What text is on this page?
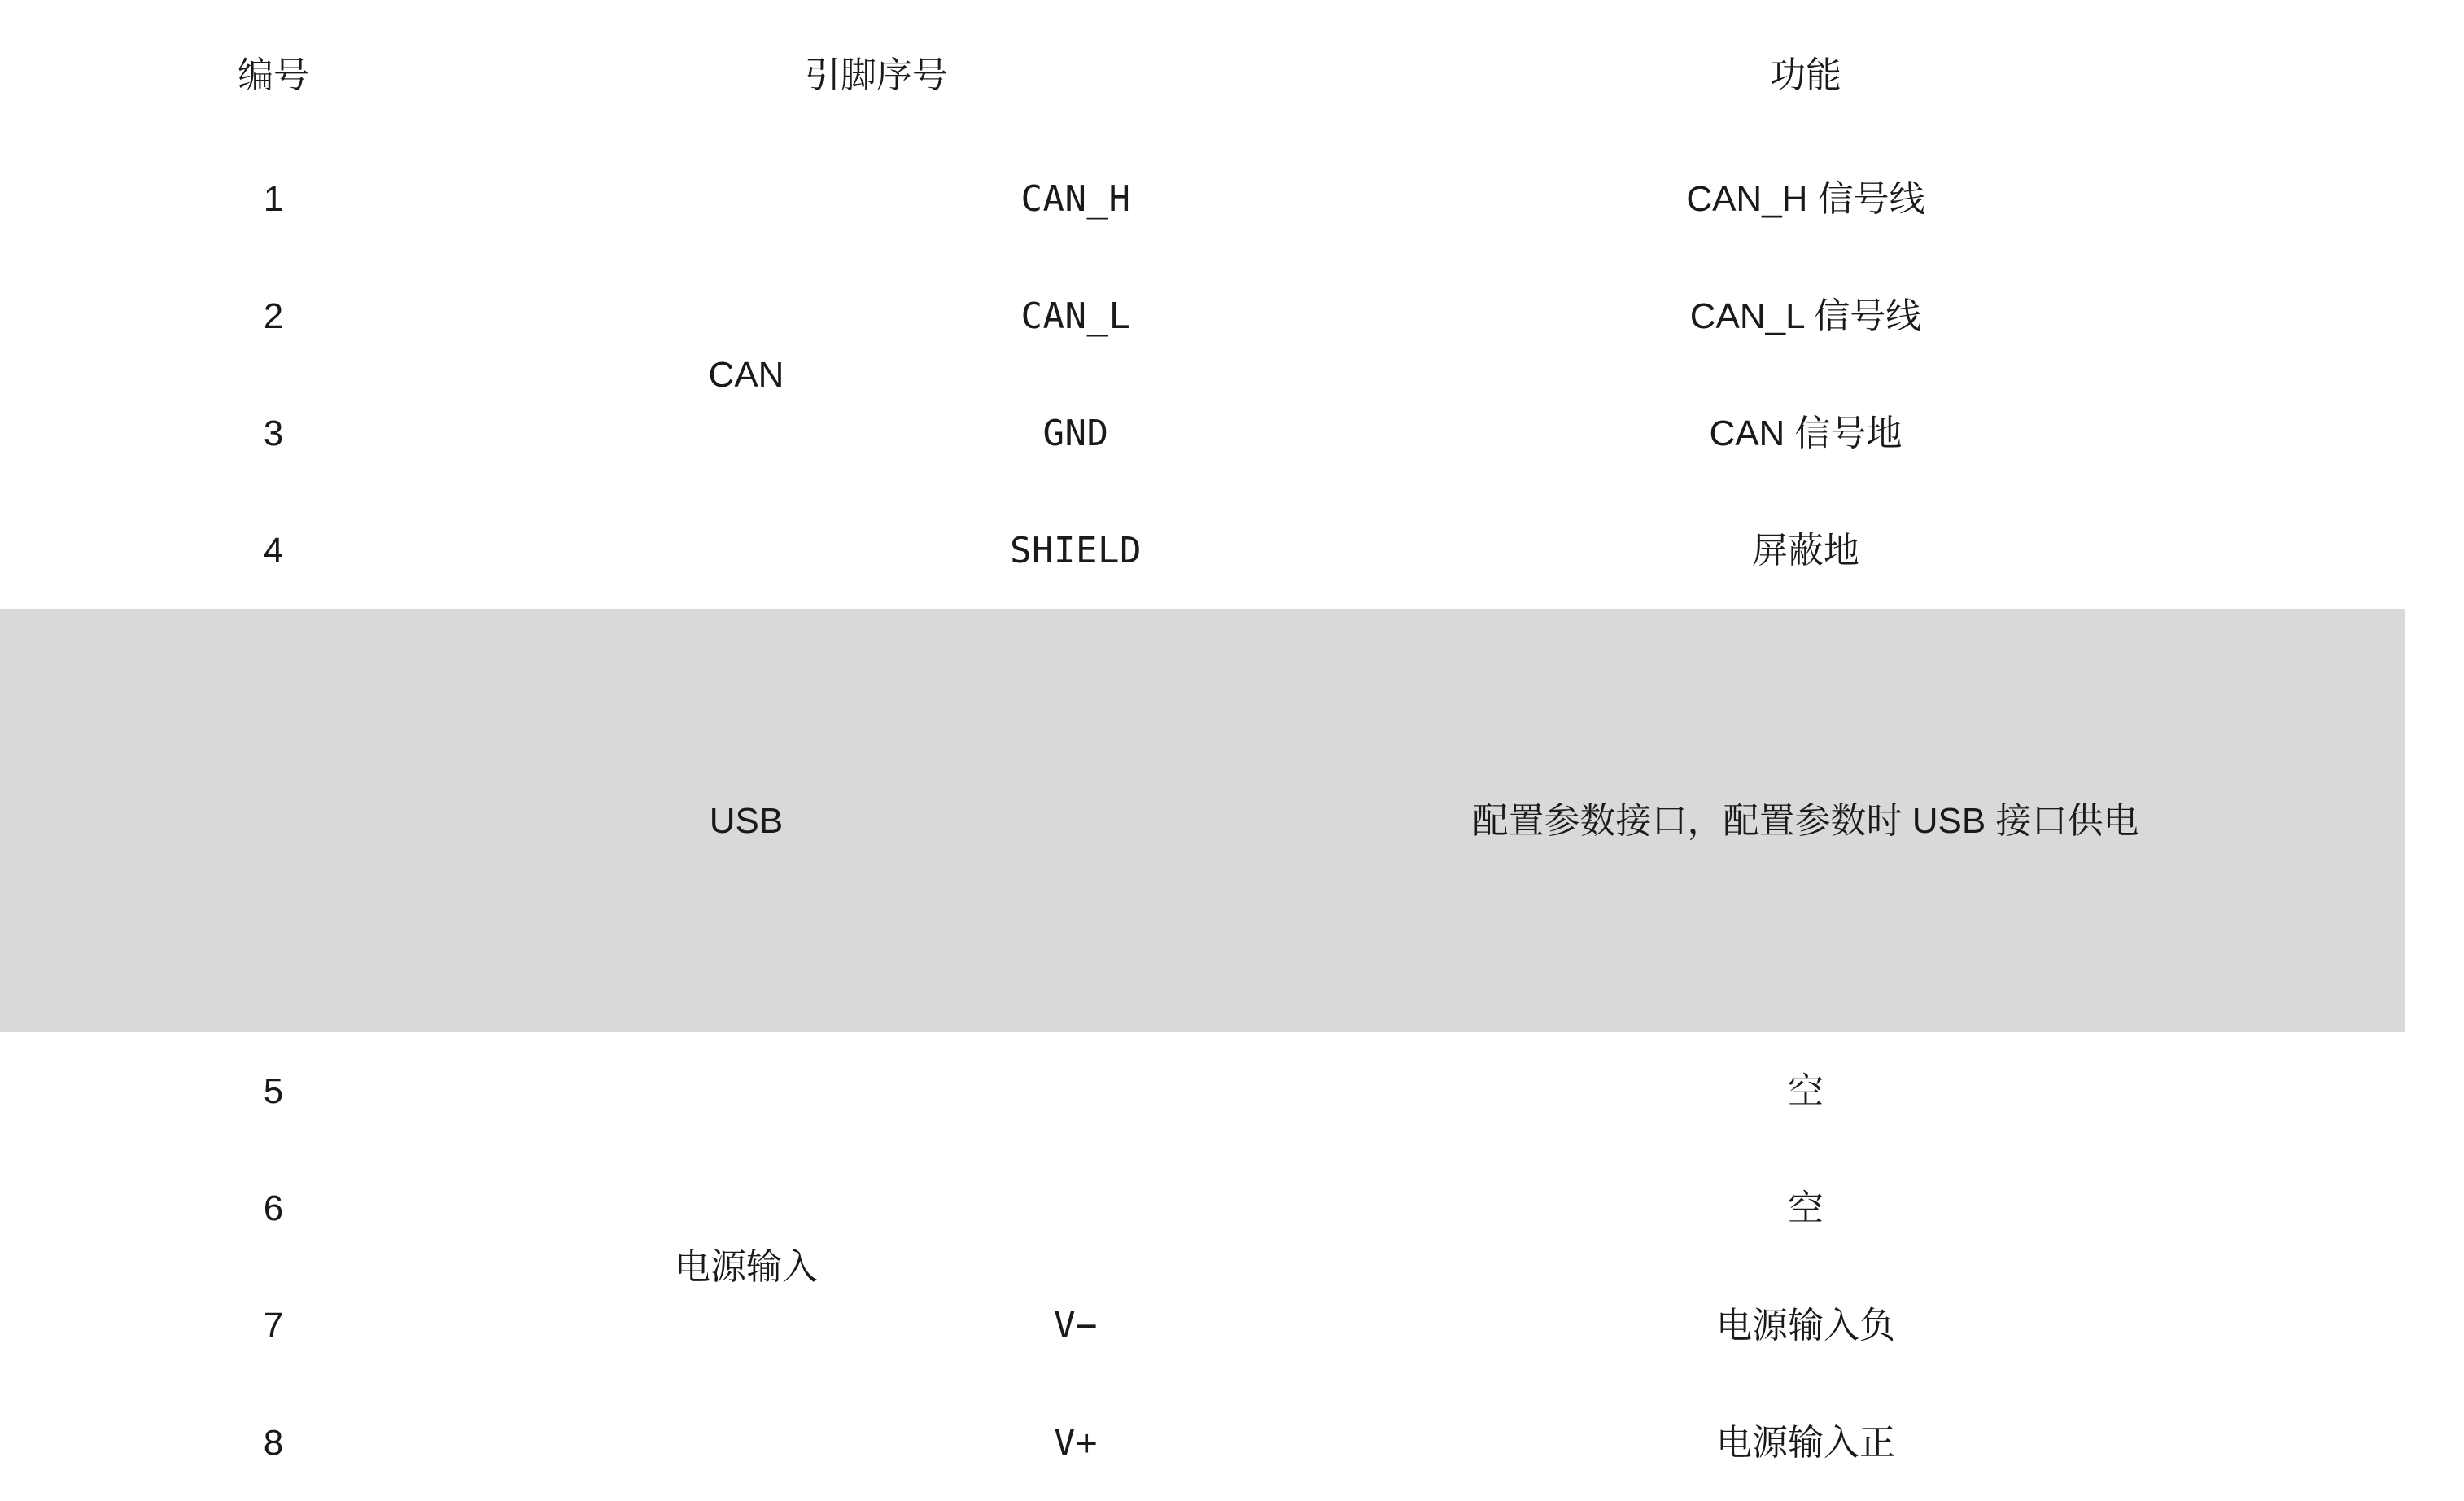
编号	引脚序号		功能
1	CAN	CAN_H	CAN_H 信号线
2		CAN_L	CAN_L 信号线
3		GND	CAN 信号地
4		SHIELD	屏蔽地
	USB		配置参数接口，配置参数时 USB 接口供电
5	电源输入		空
6			空
7		V−	电源输入负
8		V+	电源输入正
